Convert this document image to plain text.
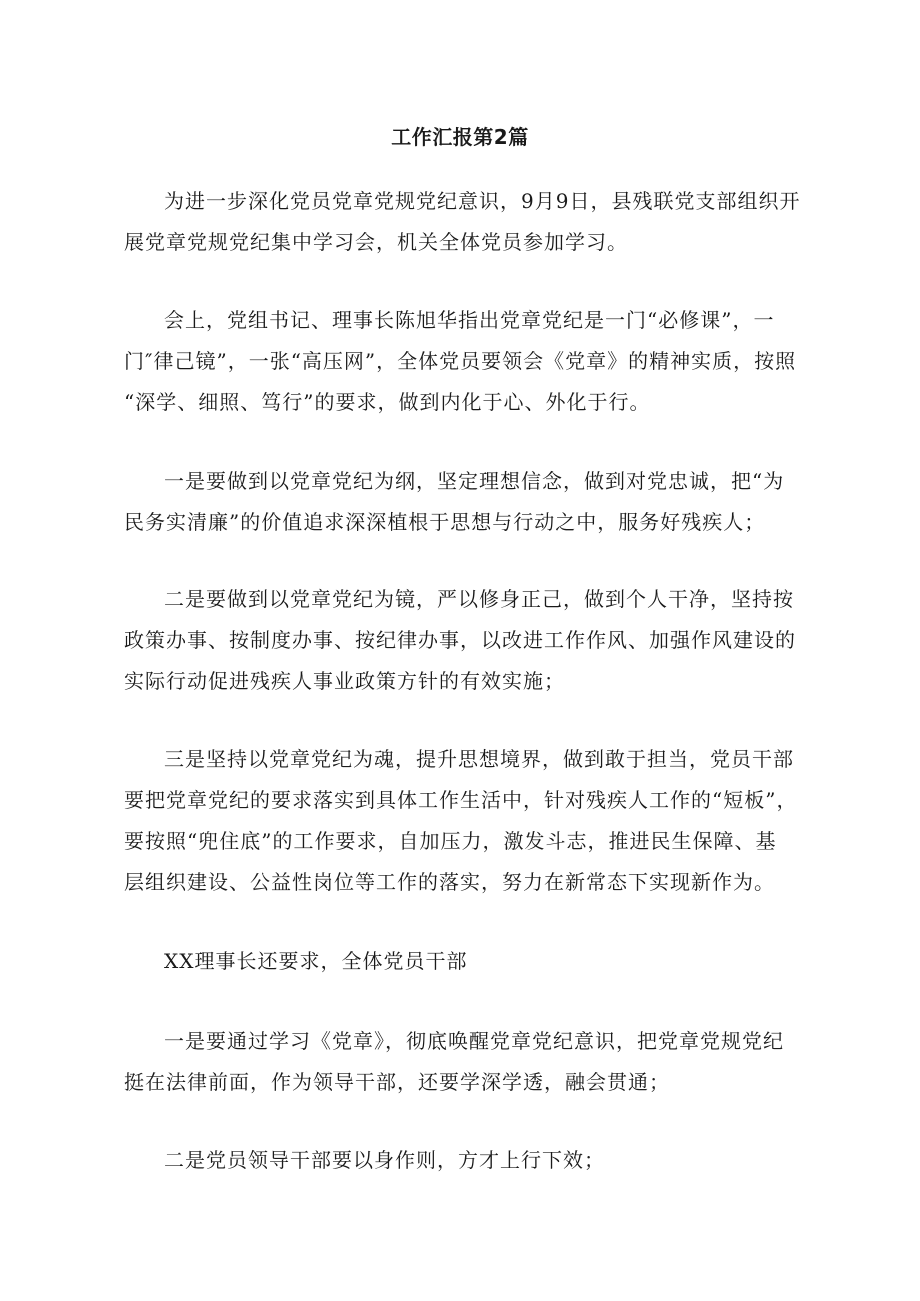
工作汇报第2篇
为进一步深化党员党章党规党纪意识，9月9日，县残联党支部组织开
展党章党规党纪集中学习会，机关全体党员参加学习。
会上，党组书记、理事长陈旭华指出党章党纪是一门“必修课”，一
门″律己镜”，一张“高压网”，全体党员要领会《党章》的精神实质，按照
“深学、细照、笃行”的要求，做到内化于心、外化于行。
一是要做到以党章党纪为纲，坚定理想信念，做到对党忠诚，把“为
民务实清廉”的价值追求深深植根于思想与行动之中，服务好残疾人；
二是要做到以党章党纪为镜，严以修身正己，做到个人干净，坚持按
政策办事、按制度办事、按纪律办事，以改进工作作风、加强作风建设的
实际行动促进残疾人事业政策方针的有效实施；
三是坚持以党章党纪为魂，提升思想境界，做到敢于担当，党员干部
要把党章党纪的要求落实到具体工作生活中，针对残疾人工作的“短板”，
要按照“兜住底”的工作要求，自加压力，激发斗志，推进民生保障、基
层组织建设、公益性岗位等工作的落实，努力在新常态下实现新作为。
XX理事长还要求，全体党员干部
一是要通过学习《党章》，彻底唤醒党章党纪意识，把党章党规党纪
挺在法律前面，作为领导干部，还要学深学透，融会贯通；
二是党员领导干部要以身作则，方才上行下效；
